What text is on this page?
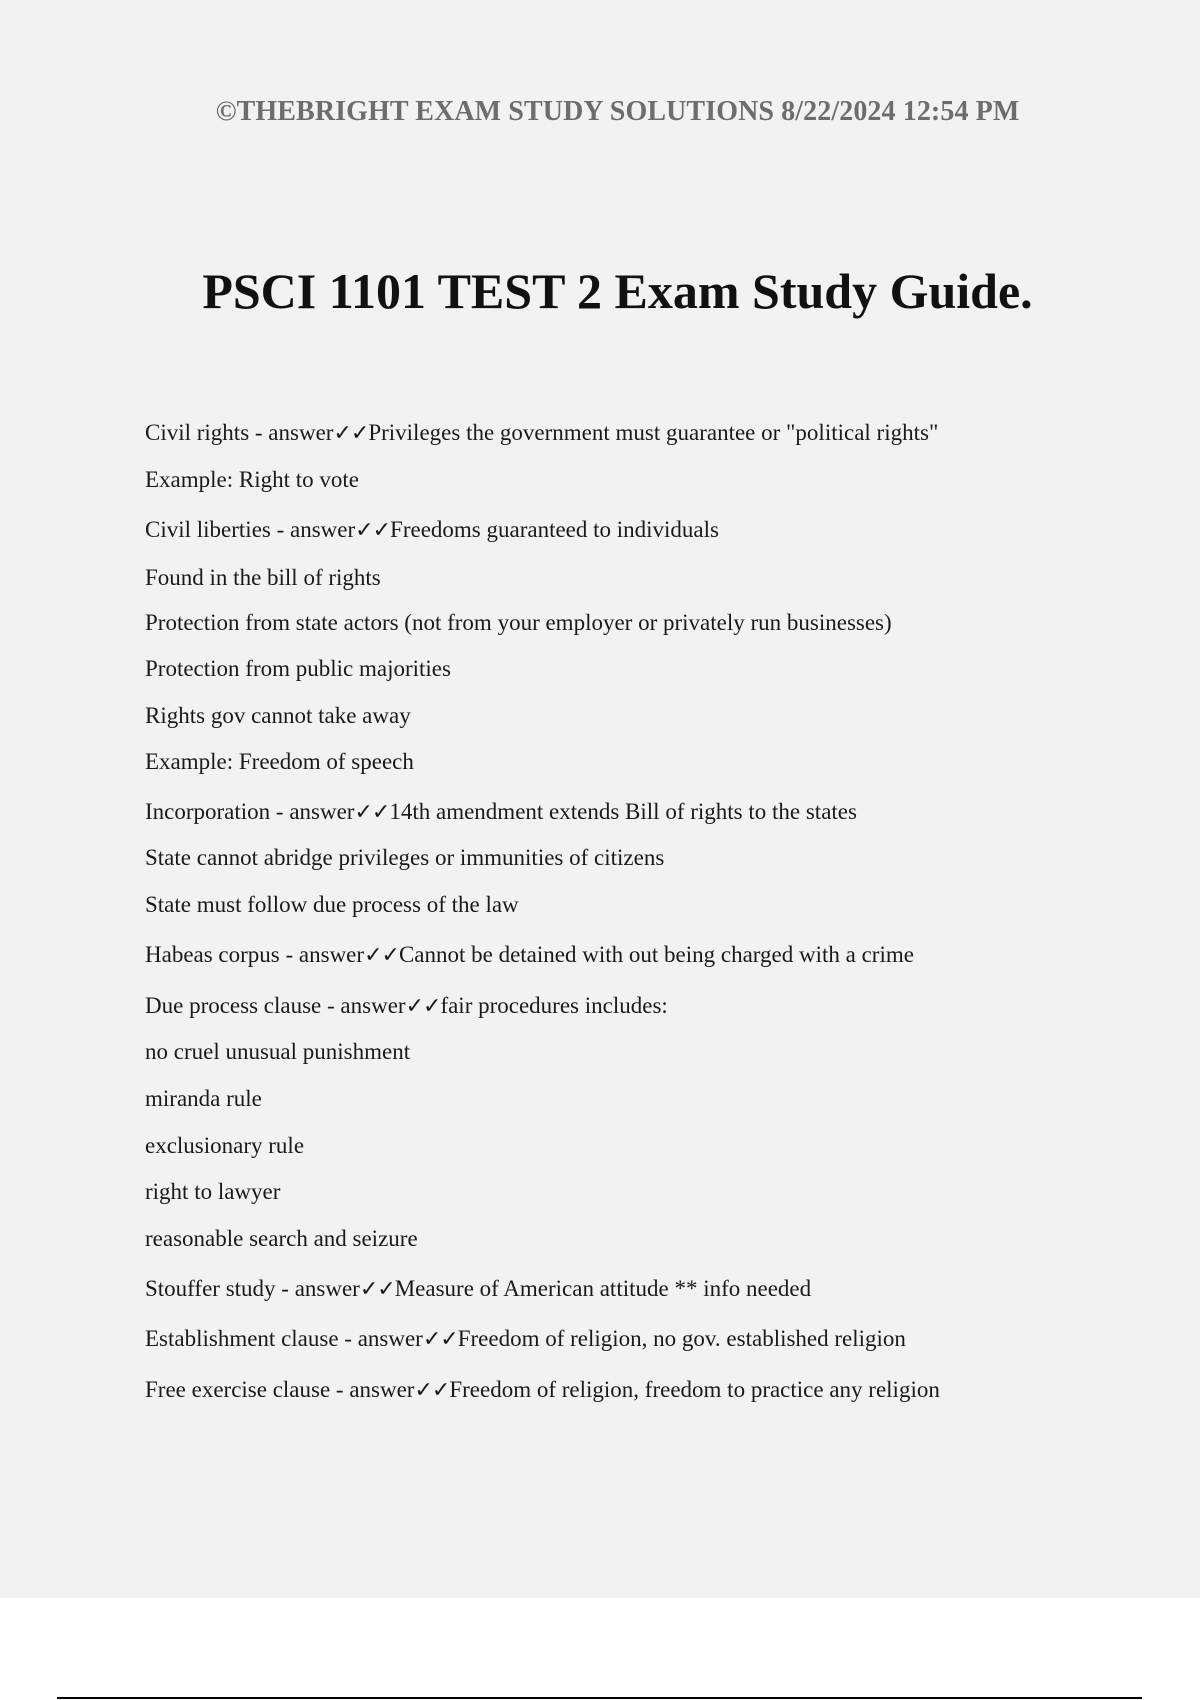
©THEBRIGHT EXAM STUDY SOLUTIONS 8/22/2024 12:54 PM
PSCI 1101 TEST 2 Exam Study Guide.
Civil rights - answer✓✓Privileges the government must guarantee or "political rights"
Example: Right to vote
Civil liberties - answer✓✓Freedoms guaranteed to individuals
Found in the bill of rights
Protection from state actors (not from your employer or privately run businesses)
Protection from public majorities
Rights gov cannot take away
Example: Freedom of speech
Incorporation - answer✓✓14th amendment extends Bill of rights to the states
State cannot abridge privileges or immunities of citizens
State must follow due process of the law
Habeas corpus - answer✓✓Cannot be detained with out being charged with a crime
Due process clause - answer✓✓fair procedures includes:
no cruel unusual punishment
miranda rule
exclusionary rule
right to lawyer
reasonable search and seizure
Stouffer study - answer✓✓Measure of American attitude ** info needed
Establishment clause - answer✓✓Freedom of religion, no gov. established religion
Free exercise clause - answer✓✓Freedom of religion, freedom to practice any religion
